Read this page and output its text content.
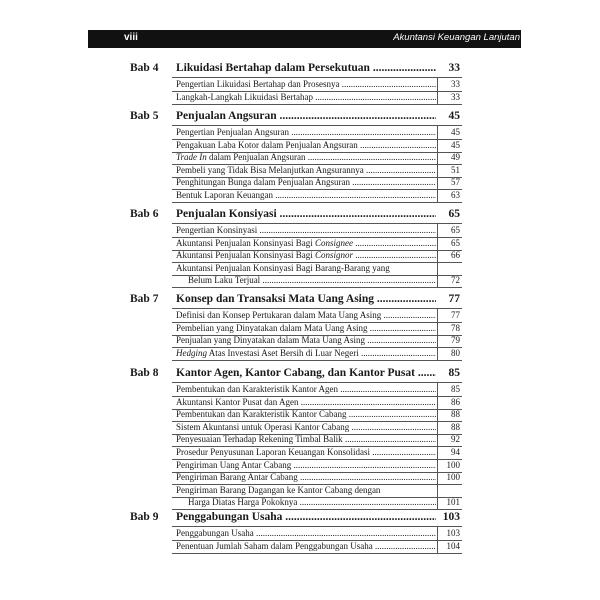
viii	Akuntansi Keuangan Lanjutan
Bab 4 Likuidasi Bertahap dalam Persekutuan .....	33
Pengertian Likuidasi Bertahap dan Prosesnya .....	33
Langkah-Langkah Likuidasi Bertahap .....	33
Bab 5 Penjualan Angsuran .....	45
Pengertian Penjualan Angsuran .....	45
Pengakuan Laba Kotor dalam Penjualan Angsuran .....	45
Trade In dalam Penjualan Angsuran .....	49
Pembeli yang Tidak Bisa Melanjutkan Angsurannya .....	51
Penghitungan Bunga dalam Penjualan Angsuran .....	57
Bentuk Laporan Keuangan .....	63
Bab 6 Penjualan Konsiyasi .....	65
Pengertian Konsinyasi .....	65
Akuntansi Penjualan Konsinyasi Bagi Consignee .....	65
Akuntansi Penjualan Konsinyasi Bagi Consignor .....	66
Akuntansi Penjualan Konsinyasi Bagi Barang-Barang yang
Belum Laku Terjual .....	72
Bab 7 Konsep dan Transaksi Mata Uang Asing .....	77
Definisi dan Konsep Pertukaran dalam Mata Uang Asing .....	77
Pembelian yang Dinyatakan dalam Mata Uang Asing .....	78
Penjualan yang Dinyatakan dalam Mata Uang Asing .....	79
Hedging Atas Investasi Aset Bersih di Luar Negeri .....	80
Bab 8 Kantor Agen, Kantor Cabang, dan Kantor Pusat .....	85
Pembentukan dan Karakteristik Kantor Agen .....	85
Akuntansi Kantor Pusat dan Agen .....	86
Pembentukan dan Karakteristik Kantor Cabang .....	88
Sistem Akuntansi untuk Operasi Kantor Cabang .....	88
Penyesuaian Terhadap Rekening Timbal Balik .....	92
Prosedur Penyusunan Laporan Keuangan Konsolidasi .....	94
Pengiriman Uang Antar Cabang .....	100
Pengiriman Barang Antar Cabang .....	100
Pengiriman Barang Dagangan ke Kantor Cabang dengan
Harga Diatas Harga Pokoknya .....	101
Bab 9 Penggabungan Usaha .....	103
Penggabungan Usaha .....	103
Penentuan Jumlah Saham dalam Penggabungan Usaha .....	104
